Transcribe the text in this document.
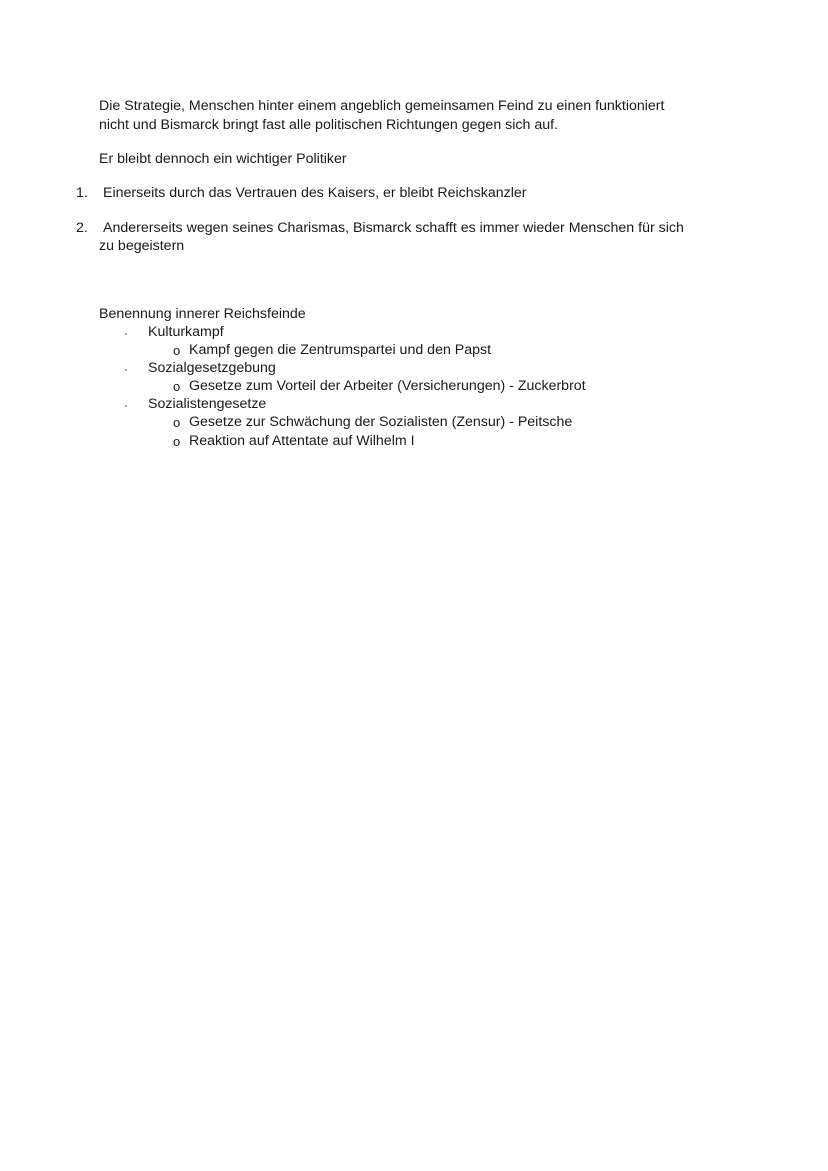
Die Strategie, Menschen hinter einem angeblich gemeinsamen Feind zu einen funktioniert
nicht und Bismarck bringt fast alle politischen Richtungen gegen sich auf.
Er bleibt dennoch ein wichtiger Politiker
1. Einerseits durch das Vertrauen des Kaisers, er bleibt Reichskanzler
2. Andererseits wegen seines Charismas, Bismarck schafft es immer wieder Menschen für sich
zu begeistern
Benennung innerer Reichsfeinde
· Kulturkampf
o Kampf gegen die Zentrumspartei und den Papst
· Sozialgesetzgebung
o Gesetze zum Vorteil der Arbeiter (Versicherungen) - Zuckerbrot
· Sozialistengesetze
o Gesetze zur Schwächung der Sozialisten (Zensur) - Peitsche
o Reaktion auf Attentate auf Wilhelm I
